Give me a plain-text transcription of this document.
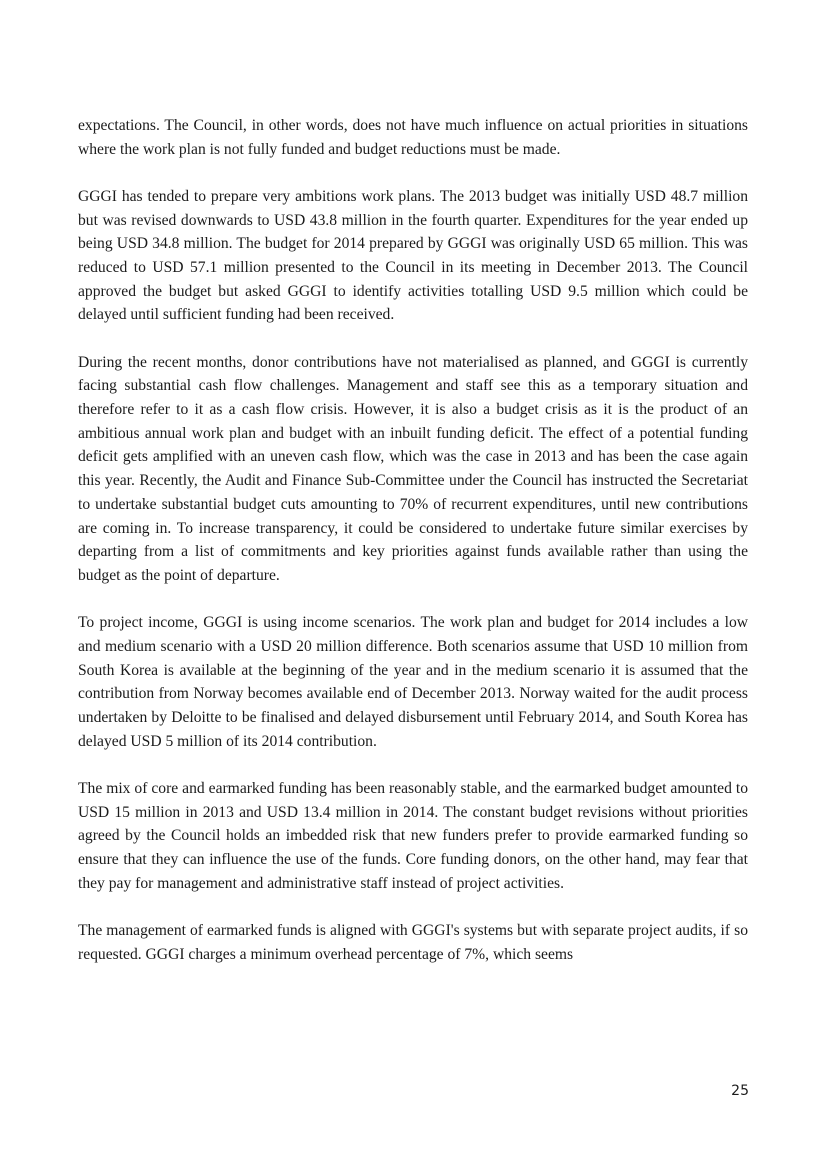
expectations. The Council, in other words, does not have much influence on actual priorities in situations where the work plan is not fully funded and budget reductions must be made.

GGGI has tended to prepare very ambitions work plans. The 2013 budget was initially USD 48.7 million but was revised downwards to USD 43.8 million in the fourth quarter. Expenditures for the year ended up being USD 34.8 million. The budget for 2014 prepared by GGGI was originally USD 65 million. This was reduced to USD 57.1 million presented to the Council in its meeting in December 2013. The Council approved the budget but asked GGGI to identify activities totalling USD 9.5 million which could be delayed until sufficient funding had been received.

During the recent months, donor contributions have not materialised as planned, and GGGI is currently facing substantial cash flow challenges. Management and staff see this as a temporary situation and therefore refer to it as a cash flow crisis. However, it is also a budget crisis as it is the product of an ambitious annual work plan and budget with an inbuilt funding deficit. The effect of a potential funding deficit gets amplified with an uneven cash flow, which was the case in 2013 and has been the case again this year. Recently, the Audit and Finance Sub-Committee under the Council has instructed the Secretariat to undertake substantial budget cuts amounting to 70% of recurrent expenditures, until new contributions are coming in. To increase transparency, it could be considered to undertake future similar exercises by departing from a list of commitments and key priorities against funds available rather than using the budget as the point of departure.

To project income, GGGI is using income scenarios. The work plan and budget for 2014 includes a low and medium scenario with a USD 20 million difference. Both scenarios assume that USD 10 million from South Korea is available at the beginning of the year and in the medium scenario it is assumed that the contribution from Norway becomes available end of December 2013. Norway waited for the audit process undertaken by Deloitte to be finalised and delayed disbursement until February 2014, and South Korea has delayed USD 5 million of its 2014 contribution.

The mix of core and earmarked funding has been reasonably stable, and the earmarked budget amounted to USD 15 million in 2013 and USD 13.4 million in 2014. The constant budget revisions without priorities agreed by the Council holds an imbedded risk that new funders prefer to provide earmarked funding so ensure that they can influence the use of the funds. Core funding donors, on the other hand, may fear that they pay for management and administrative staff instead of project activities.

The management of earmarked funds is aligned with GGGI's systems but with separate project audits, if so requested. GGGI charges a minimum overhead percentage of 7%, which seems

25
